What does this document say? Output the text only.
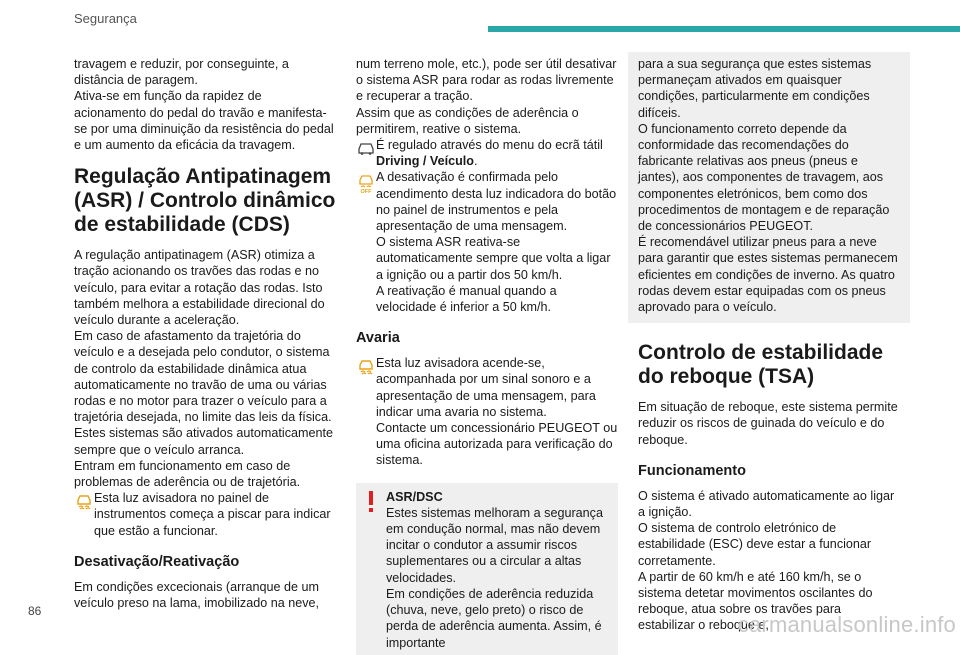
Segurança

travagem e reduzir, por conseguinte, a distância de paragem.
Ativa-se em função da rapidez de acionamento do pedal do travão e manifesta-se por uma diminuição da resistência do pedal e um aumento da eficácia da travagem.

Regulação Antipatinagem (ASR) / Controlo dinâmico de estabilidade (CDS)

A regulação antipatinagem (ASR) otimiza a tração acionando os travões das rodas e no veículo, para evitar a rotação das rodas. Isto também melhora a estabilidade direcional do veículo durante a aceleração.
Em caso de afastamento da trajetória do veículo e a desejada pelo condutor, o sistema de controlo da estabilidade dinâmica atua automaticamente no travão de uma ou várias rodas e no motor para trazer o veículo para a trajetória desejada, no limite das leis da física.
Estes sistemas são ativados automaticamente sempre que o veículo arranca.
Entram em funcionamento em caso de problemas de aderência ou de trajetória.

Esta luz avisadora no painel de instrumentos começa a piscar para indicar que estão a funcionar.
Desativação/Reativação

Em condições excecionais (arranque de um veículo preso na lama, imobilizado na neve,

num terreno mole, etc.), pode ser útil desativar o sistema ASR para rodar as rodas livremente e recuperar a tração.
Assim que as condições de aderência o permitirem, reative o sistema.

É regulado através do menu do ecrã tátil Driving / Veículo.
OFF
A desativação é confirmada pelo acendimento desta luz indicadora do botão no painel de instrumentos e pela apresentação de uma mensagem.
O sistema ASR reativa-se automaticamente sempre que volta a ligar a ignição ou a partir dos 50 km/h.
A reativação é manual quando a velocidade é inferior a 50 km/h.
Avaria
Esta luz avisadora acende-se, acompanhada por um sinal sonoro e a apresentação de uma mensagem, para indicar uma avaria no sistema.
Contacte um concessionário PEUGEOT ou uma oficina autorizada para verificação do sistema.
ASR/DSC
Estes sistemas melhoram a segurança em condução normal, mas não devem incitar o condutor a assumir riscos suplementares ou a circular a altas velocidades.
Em condições de aderência reduzida (chuva, neve, gelo preto) o risco de perda de aderência aumenta. Assim, é importante

para a sua segurança que estes sistemas permaneçam ativados em quaisquer condições, particularmente em condições difíceis.
O funcionamento correto depende da conformidade das recomendações do fabricante relativas aos pneus (pneus e jantes), aos componentes de travagem, aos componentes eletrónicos, bem como dos procedimentos de montagem e de reparação de concessionários PEUGEOT.
É recomendável utilizar pneus para a neve para garantir que estes sistemas permanecem eficientes em condições de inverno. As quatro rodas devem estar equipadas com os pneus aprovado para o veículo.

Controlo de estabilidade do reboque (TSA)

Em situação de reboque, este sistema permite reduzir os riscos de guinada do veículo e do reboque.

Funcionamento

O sistema é ativado automaticamente ao ligar a ignição.
O sistema de controlo eletrónico de estabilidade (ESC) deve estar a funcionar corretamente.
A partir de 60 km/h e até 160 km/h, se o sistema detetar movimentos oscilantes do reboque, atua sobre os travões para estabilizar o reboque e,

86
carmanualsonline.info
